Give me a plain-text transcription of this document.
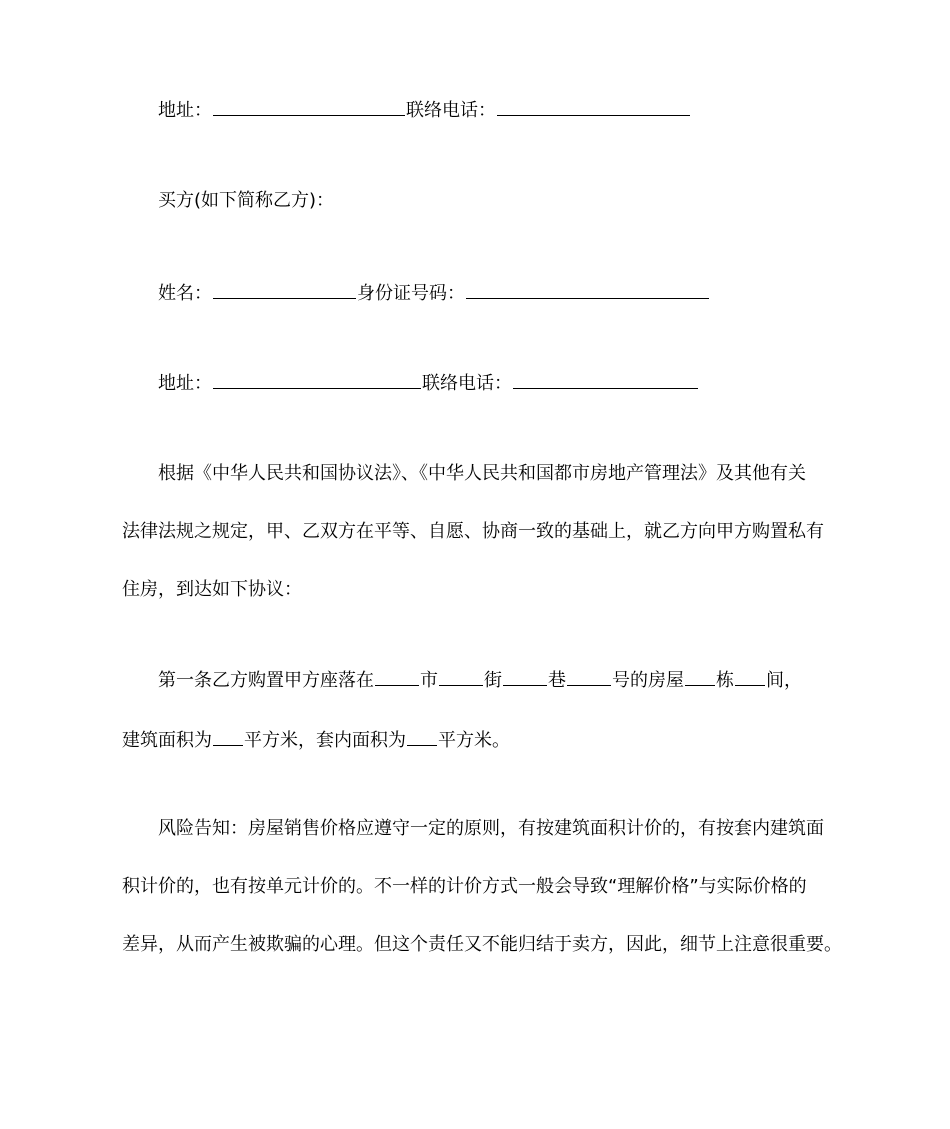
地址：	联络电话：
买方(如下简称乙方)：
姓名：	身份证号码：
地址：	联络电话：
根据《中华人民共和国协议法》、《中华人民共和国都市房地产管理法》及其他有关
法律法规之规定，甲、乙双方在平等、自愿、协商一致的基础上，就乙方向甲方购置私有
住房，到达如下协议：
第一条乙方购置甲方座落在	市	街	巷	号的房屋 栋 间，
建筑面积为 平方米，套内面积为 平方米。
风险告知：房屋销售价格应遵守一定的原则，有按建筑面积计价的，有按套内建筑面
积计价的，也有按单元计价的。不一样的计价方式一般会导致“理解价格”与实际价格的
差异，从而产生被欺骗的心理。但这个责任又不能归结于卖方，因此，细节上注意很重要。
